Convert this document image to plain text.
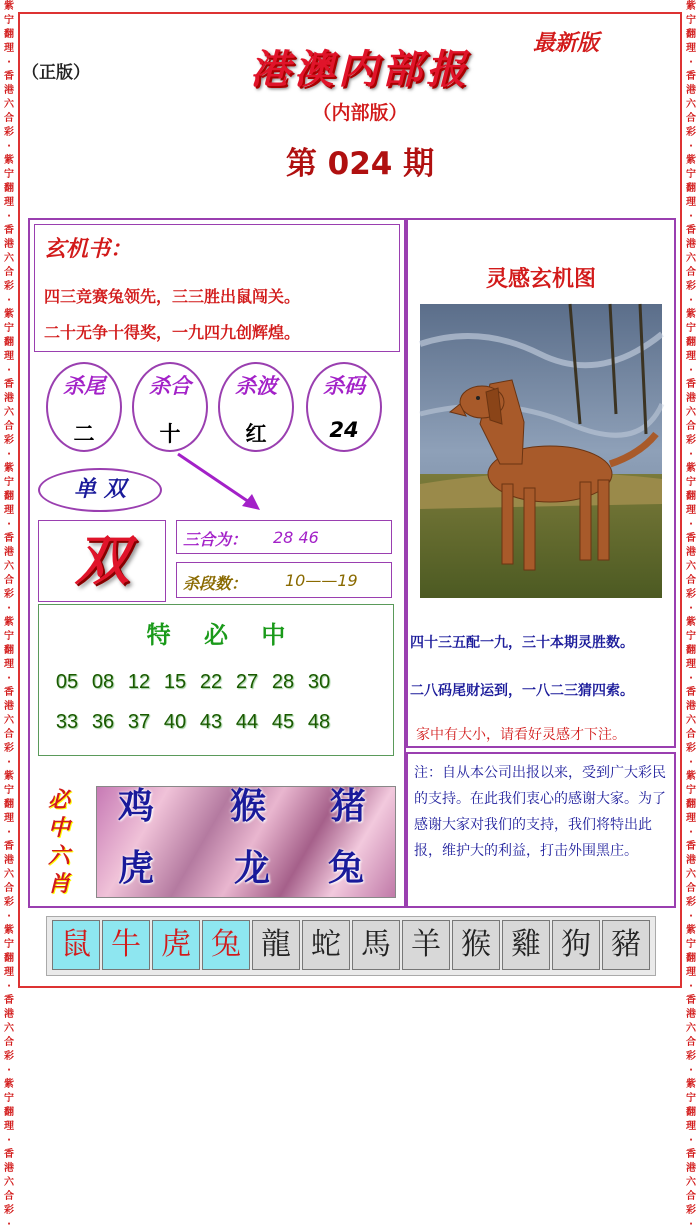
紫
宁
翻
理
·
香
港
六
合
彩
·
紫
宁
翻
理
·
香
港
六
合
彩
·
紫
宁
翻
理
·
香
港
六
合
彩
·
紫
宁
翻
理
·
香
港
六
合
彩
·
紫
宁
翻
理
·
香
港
六
合
彩
·
紫
宁
翻
理
·
香
港
六
合
彩
·
紫
宁
翻
理
·
香
港
六
合
彩
·
紫
宁
翻
理
·
香
港
六
合
彩
·
紫
宁
翻
理
·
香
港
六
合
彩
·
紫
宁
翻
理
·
香
港
六
合
彩
·
紫
宁
翻
理
·
香
港
六
合
彩
·
紫
宁
翻
理
·
香
港
六
合
彩
·
紫
宁
翻
理
·
香
港
六
合
彩
·
紫
宁
翻
理
·
香
港
六
合
彩
·
紫
宁
翻
理
·
香
港
六
合
彩
·
紫
宁
翻
理
·
香
港
六
合
彩
·
（正版）
最新版
港澳内部报
（内部版）
第 024 期
玄机书：
四三竞赛兔领先，三三胜出鼠闯关。
二十无争十得奖，一九四九创辉煌。
杀尾
二
杀合
十
杀波
红
杀码
24
单 双
双	三合为： 28 46
杀段数： 10——19
特    必    中
05 08 12 15 22 27 28 30
33 36 37 40 43 44 45 48
必中六肖
鸡 猴 猪
虎 龙 兔
灵感玄机图
四十三五配一九，三十本期灵胜数。
二八码尾财运到，一八二三猜四索。
家中有大小，请看好灵感才下注。
注：自从本公司出报以来，受到广大彩民的支持。在此我们衷心的感谢大家。为了感谢大家对我们的支持，我们将特出此报，维护大的利益，打击外围黑庄。
鼠 牛 虎 兔 龍 蛇 馬 羊 猴 雞 狗 豬
